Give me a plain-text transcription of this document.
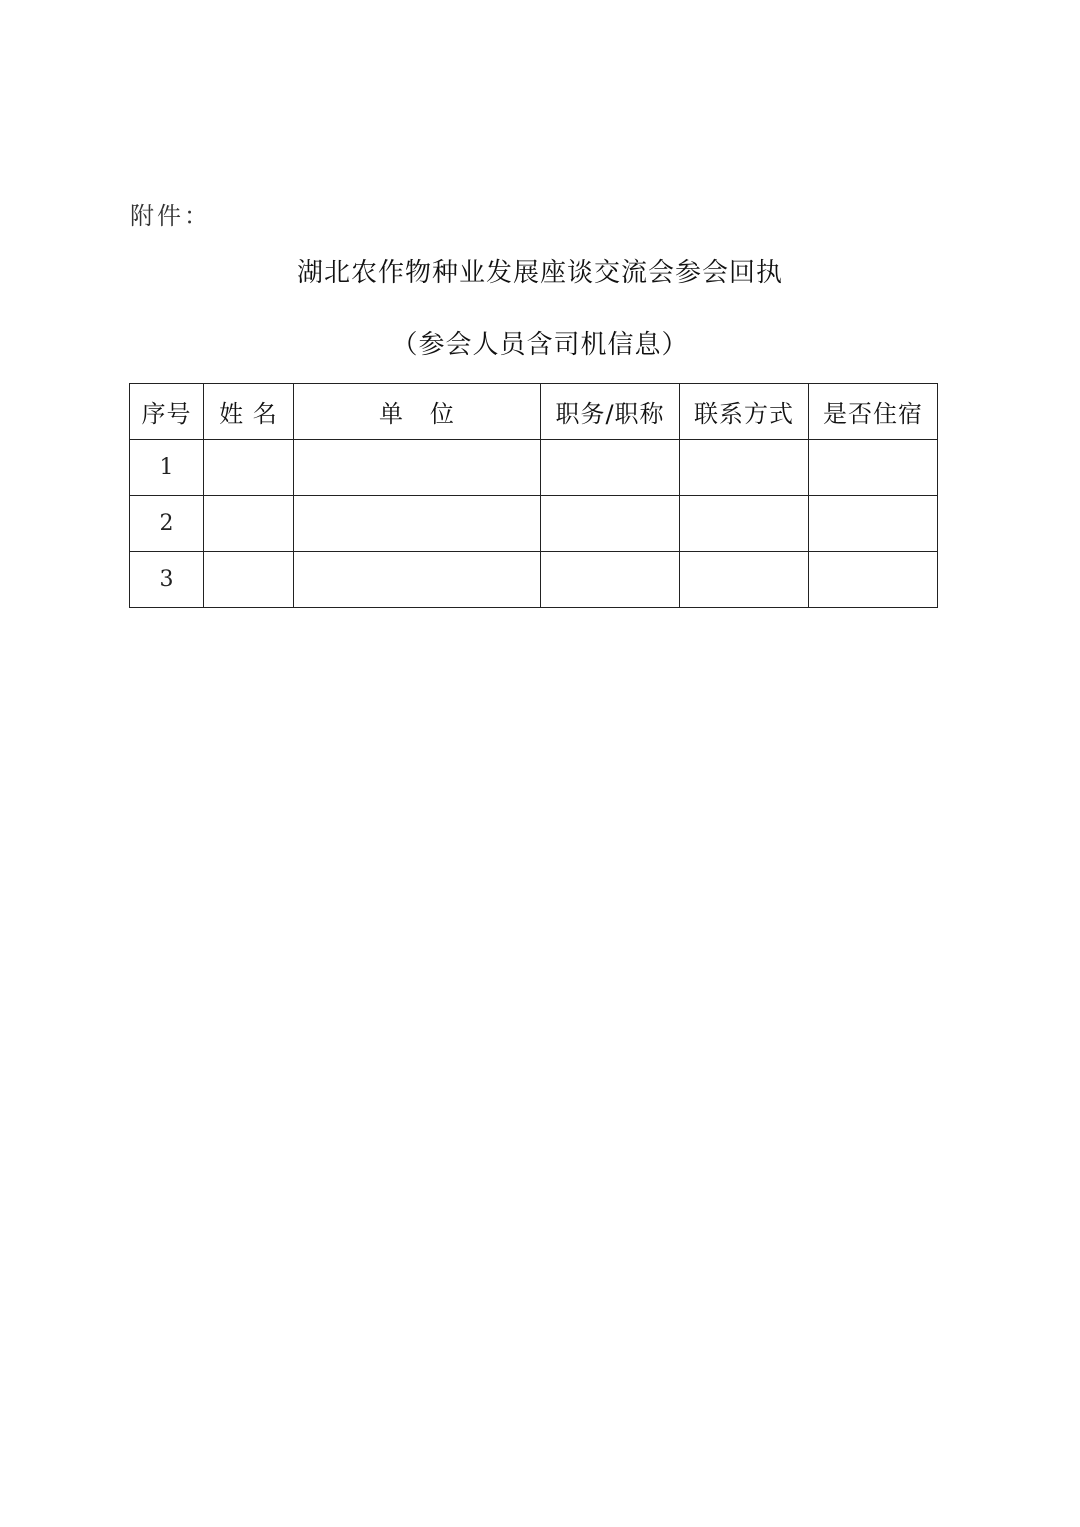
附件：
湖北农作物种业发展座谈交流会参会回执
（参会人员含司机信息）
序号	姓 名	单   位	职务/职称	联系方式	是否住宿
1					
2					
3					
